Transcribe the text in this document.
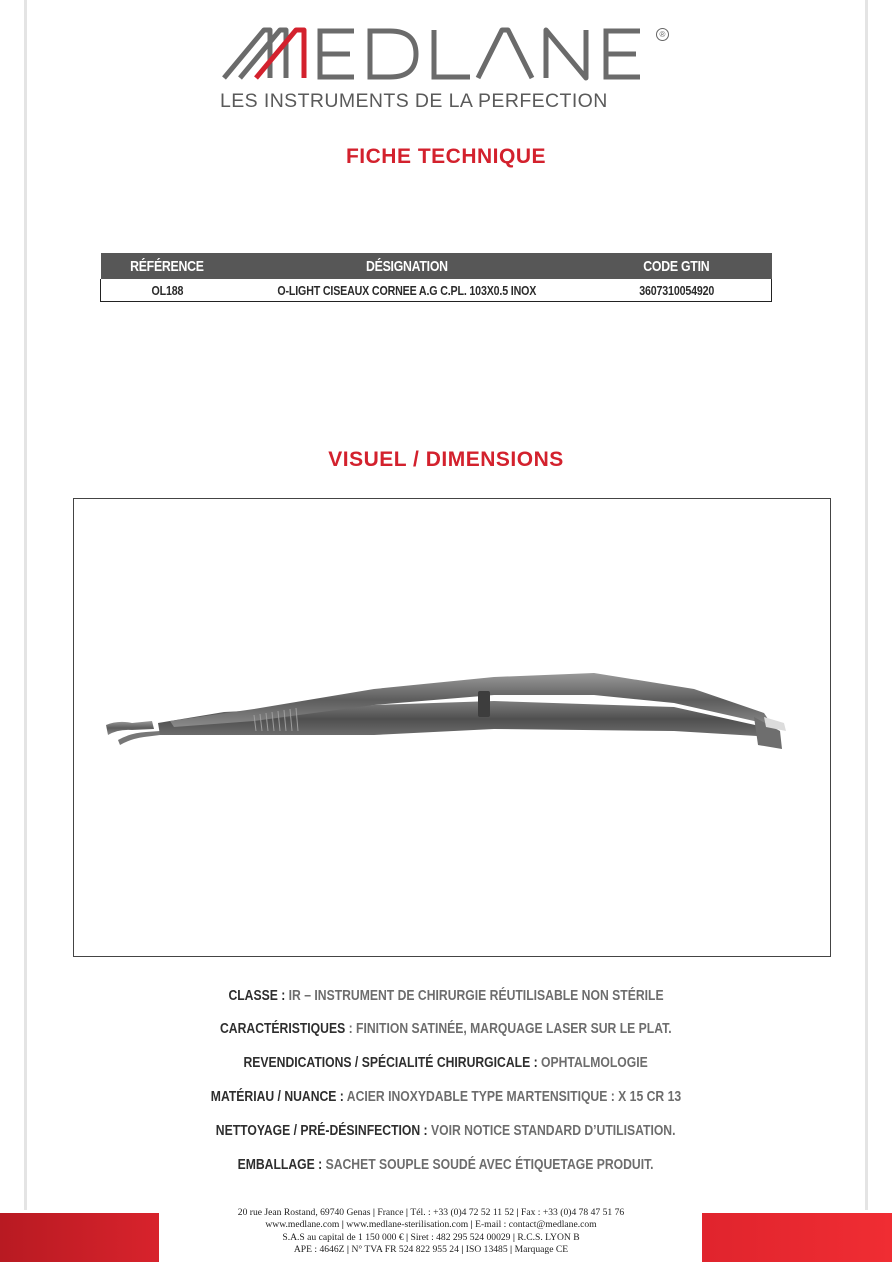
®
LES INSTRUMENTS DE LA PERFECTION
FICHE TECHNIQUE
RÉFÉRENCE	DÉSIGNATION	CODE GTIN
OL188	O-LIGHT CISEAUX CORNEE A.G C.PL. 103X0.5 INOX	3607310054920
VISUEL / DIMENSIONS
CLASSE : IR – INSTRUMENT DE CHIRURGIE RÉUTILISABLE NON STÉRILE
CARACTÉRISTIQUES : FINITION SATINÉE, MARQUAGE LASER SUR LE PLAT.
REVENDICATIONS / SPÉCIALITÉ CHIRURGICALE : OPHTALMOLOGIE
MATÉRIAU / NUANCE : ACIER INOXYDABLE TYPE MARTENSITIQUE : X 15 CR 13
NETTOYAGE / PRÉ-DÉSINFECTION : VOIR NOTICE STANDARD D’UTILISATION.
EMBALLAGE : SACHET SOUPLE SOUDÉ AVEC ÉTIQUETAGE PRODUIT.
20 rue Jean Rostand, 69740 Genas | France | Tél. : +33 (0)4 72 52 11 52 | Fax : +33 (0)4 78 47 51 76
www.medlane.com | www.medlane-sterilisation.com | E-mail : contact@medlane.com
S.A.S au capital de 1 150 000 € | Siret : 482 295 524 00029 | R.C.S. LYON B
APE : 4646Z | N° TVA FR 524 822 955 24 | ISO 13485 | Marquage CE
